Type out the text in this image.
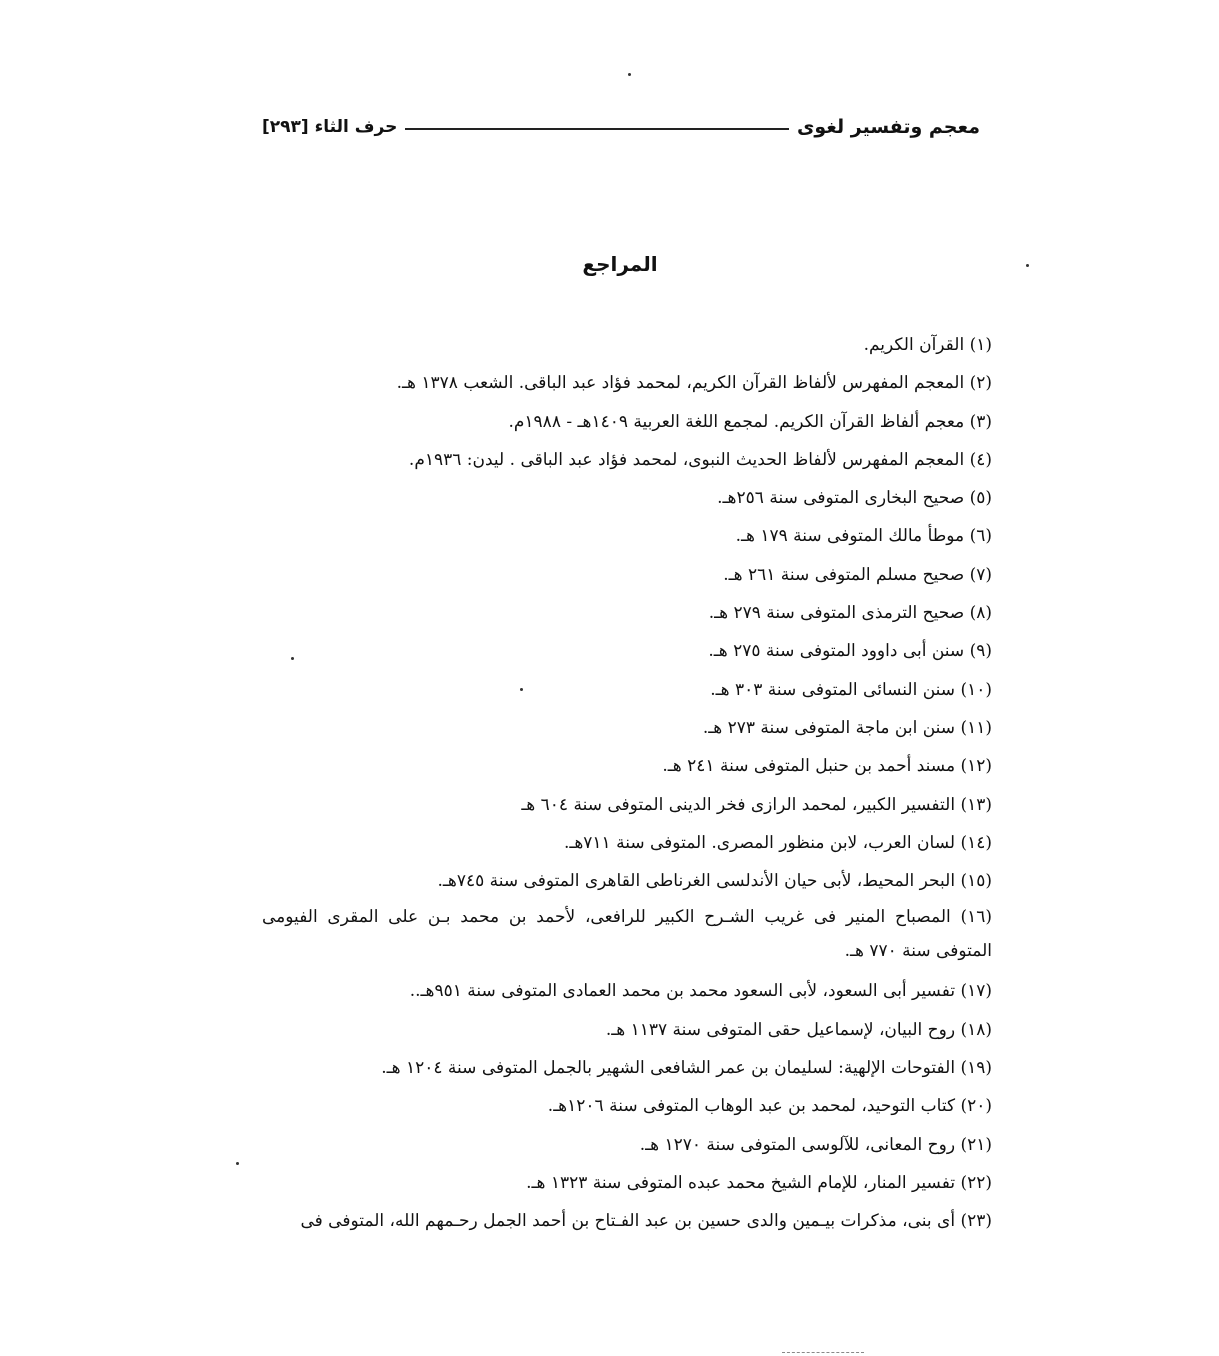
معجم وتفسير لغوى
حرف الثاء [٢٩٣]
المراجع
(١) القرآن الكريم.
(٢) المعجم المفهرس لألفاظ القرآن الكريم، لمحمد فؤاد عبد الباقى. الشعب ١٣٧٨ هـ.
(٣) معجم ألفاظ القرآن الكريم. لمجمع اللغة العربية ١٤٠٩هـ - ١٩٨٨م.
(٤) المعجم المفهرس لألفاظ الحديث النبوى، لمحمد فؤاد عبد الباقى . ليدن: ١٩٣٦م.
(٥) صحيح البخارى المتوفى سنة ٢٥٦هـ.
(٦) موطأ مالك المتوفى سنة ١٧٩ هـ.
(٧) صحيح مسلم المتوفى سنة ٢٦١ هـ.
(٨) صحيح الترمذى المتوفى سنة ٢٧٩ هـ.
(٩) سنن أبى داوود المتوفى سنة ٢٧٥ هـ.
(١٠) سنن النسائى المتوفى سنة ٣٠٣ هـ.
(١١) سنن ابن ماجة المتوفى سنة ٢٧٣ هـ.
(١٢) مسند أحمد بن حنبل المتوفى سنة ٢٤١ هـ.
(١٣) التفسير الكبير، لمحمد الرازى فخر الدينى المتوفى سنة ٦٠٤ هـ
(١٤) لسان العرب، لابن منظور المصرى. المتوفى سنة ٧١١هـ.
(١٥) البحر المحيط، لأبى حيان الأندلسى الغرناطى القاهرى المتوفى سنة ٧٤٥هـ.
(١٦) المصباح المنير فى غريب الشـرح الكبير للرافعى، لأحمد بن محمد بـن على المقرى الفيومى المتوفى سنة ٧٧٠ هـ.
(١٧) تفسير أبى السعود، لأبى السعود محمد بن محمد العمادى المتوفى سنة ٩٥١هـ..
(١٨) روح البيان، لإسماعيل حقى المتوفى سنة ١١٣٧ هـ.
(١٩) الفتوحات الإلهية: لسليمان بن عمر الشافعى الشهير بالجمل المتوفى سنة ١٢٠٤ هـ.
(٢٠) كتاب التوحيد، لمحمد بن عبد الوهاب المتوفى سنة ١٢٠٦هـ.
(٢١) روح المعانى، للآلوسى المتوفى سنة ١٢٧٠ هـ.
(٢٢) تفسير المنار، للإمام الشيخ محمد عبده المتوفى سنة ١٣٢٣ هـ.
(٢٣) أى بنى، مذكرات بيـمين والدى حسين بن عبد الفـتاح بن أحمد الجمل رحـمهم الله، المتوفى فى
